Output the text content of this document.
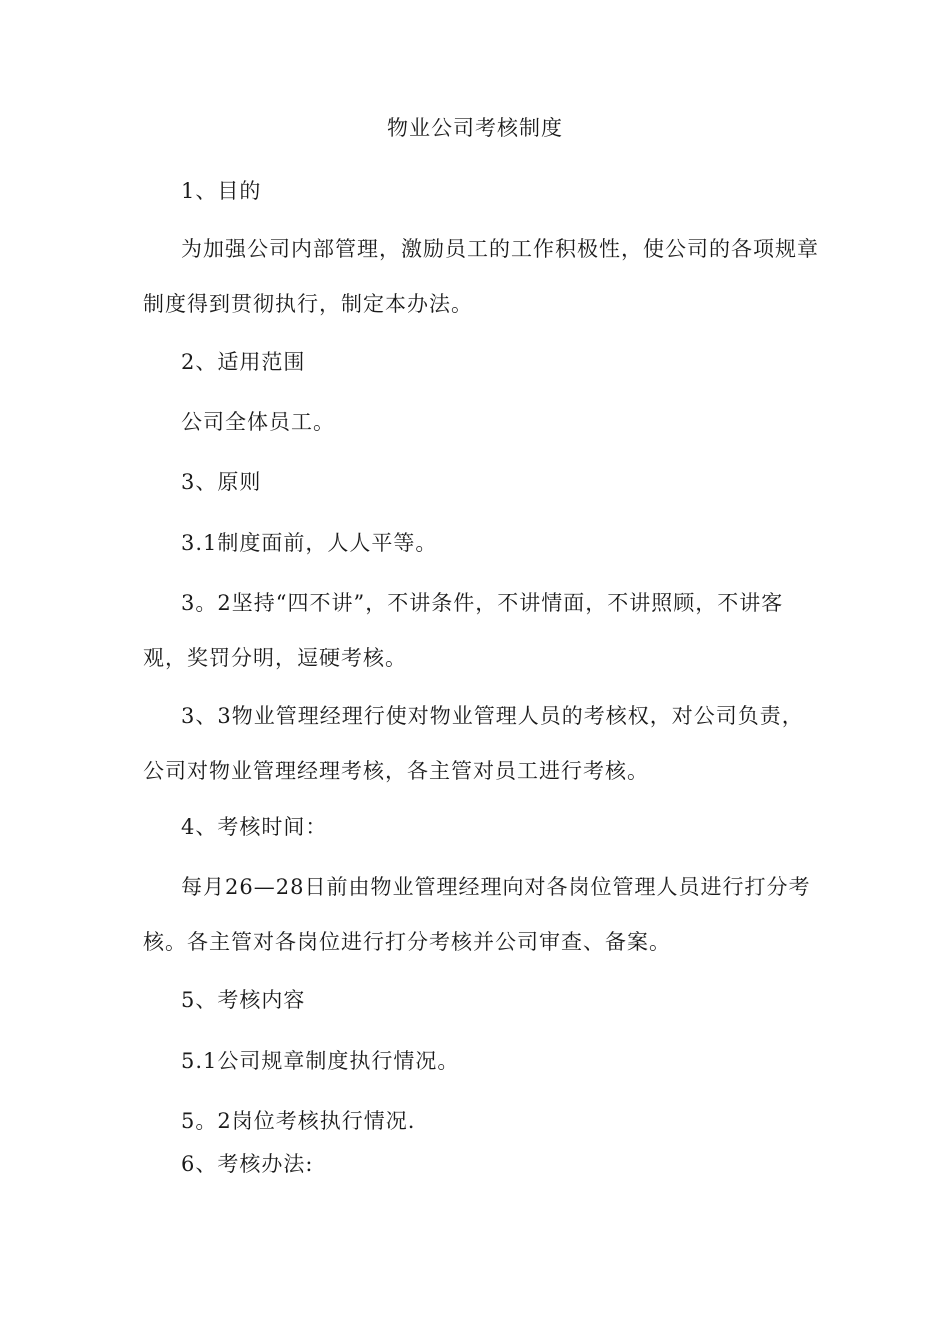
物业公司考核制度
1、目的
为加强公司内部管理，激励员工的工作积极性，使公司的各项规章制度得到贯彻执行，制定本办法。
2、适用范围
公司全体员工。
3、原则
3.1制度面前，人人平等。
3。2坚持“四不讲”，不讲条件，不讲情面，不讲照顾，不讲客观，奖罚分明，逗硬考核。
3、3物业管理经理行使对物业管理人员的考核权，对公司负责，公司对物业管理经理考核，各主管对员工进行考核。
4、考核时间：
每月26—28日前由物业管理经理向对各岗位管理人员进行打分考核。各主管对各岗位进行打分考核并公司审查、备案。
5、考核内容
5.1公司规章制度执行情况。
5。2岗位考核执行情况.
6、考核办法:
